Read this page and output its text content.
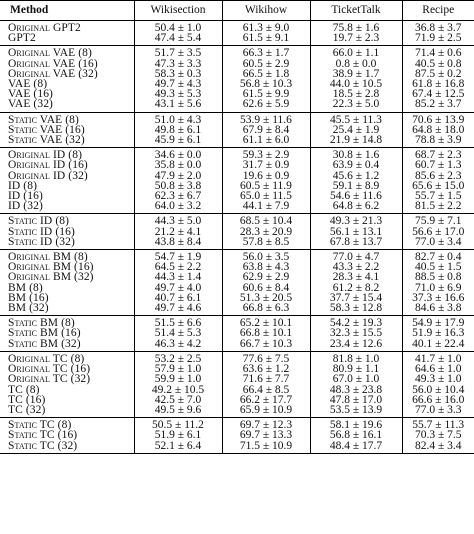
Method	Wikisection	Wikihow	TicketTalk	Recipe
Original GPT2	50.4 ± 1.0	61.3 ± 9.0	75.8 ± 1.6	36.8 ± 3.7
GPT2	47.4 ± 5.4	61.5 ± 9.1	19.7 ± 2.3	71.9 ± 2.5
Original VAE (8)	51.7 ± 3.5	66.3 ± 1.7	66.0 ± 1.1	71.4 ± 0.6
Original VAE (16)	47.3 ± 3.3	60.5 ± 2.9	0.8 ± 0.0	40.5 ± 0.8
Original VAE (32)	58.3 ± 0.3	66.5 ± 1.8	38.9 ± 1.7	87.5 ± 0.2
VAE (8)	49.7 ± 4.3	56.8 ± 10.3	44.0 ± 10.5	61.8 ± 16.8
VAE (16)	49.3 ± 5.3	61.5 ± 9.9	18.5 ± 2.8	67.4 ± 12.5
VAE (32)	43.1 ± 5.6	62.6 ± 5.9	22.3 ± 5.0	85.2 ± 3.7
Static VAE (8)	51.0 ± 4.3	53.9 ± 11.6	45.5 ± 11.3	70.6 ± 13.9
Static VAE (16)	49.8 ± 6.1	67.9 ± 8.4	25.4 ± 1.9	64.8 ± 18.0
Static VAE (32)	45.9 ± 6.1	61.1 ± 6.0	21.9 ± 14.8	78.8 ± 3.9
Original ID (8)	34.6 ± 0.0	59.3 ± 2.9	30.8 ± 1.6	68.7 ± 2.3
Original ID (16)	35.8 ± 0.0	31.7 ± 0.9	63.9 ± 0.4	60.7 ± 1.3
Original ID (32)	47.9 ± 2.0	19.6 ± 0.9	45.6 ± 1.2	85.6 ± 2.3
ID (8)	50.8 ± 3.8	60.5 ± 11.9	59.1 ± 8.9	65.6 ± 15.0
ID (16)	62.3 ± 6.7	65.0 ± 11.5	54.6 ± 11.6	55.7 ± 1.5
ID (32)	64.0 ± 3.2	44.1 ± 7.9	64.8 ± 6.2	81.5 ± 2.2
Static ID (8)	44.3 ± 5.0	68.5 ± 10.4	49.3 ± 21.3	75.9 ± 7.1
Static ID (16)	21.2 ± 4.1	28.3 ± 20.9	56.1 ± 13.1	56.6 ± 17.0
Static ID (32)	43.8 ± 8.4	57.8 ± 8.5	67.8 ± 13.7	77.0 ± 3.4
Original BM (8)	54.7 ± 1.9	56.0 ± 3.5	77.0 ± 4.7	82.7 ± 0.4
Original BM (16)	64.5 ± 2.2	63.8 ± 4.3	43.3 ± 2.2	40.5 ± 1.5
Original BM (32)	44.3 ± 1.4	62.9 ± 2.9	28.3 ± 4.1	88.5 ± 0.8
BM (8)	49.7 ± 4.0	60.6 ± 8.4	61.2 ± 8.2	71.0 ± 6.9
BM (16)	40.7 ± 6.1	51.3 ± 20.5	37.7 ± 15.4	37.3 ± 16.6
BM (32)	49.7 ± 4.6	66.8 ± 6.3	58.3 ± 12.8	84.6 ± 3.8
Static BM (8)	51.5 ± 6.6	65.2 ± 10.1	54.2 ± 19.3	54.9 ± 17.9
Static BM (16)	51.4 ± 5.3	66.8 ± 10.1	32.3 ± 15.5	51.9 ± 16.3
Static BM (32)	46.3 ± 4.2	66.7 ± 10.3	23.4 ± 12.6	40.1 ± 22.4
Original TC (8)	53.2 ± 2.5	77.6 ± 7.5	81.8 ± 1.0	41.7 ± 1.0
Original TC (16)	57.9 ± 1.0	63.6 ± 1.2	80.9 ± 1.1	64.6 ± 1.0
Original TC (32)	59.9 ± 1.0	71.6 ± 7.7	67.0 ± 1.0	49.3 ± 1.0
TC (8)	49.2 ± 10.5	66.4 ± 8.5	48.3 ± 23.8	56.0 ± 10.4
TC (16)	42.5 ± 7.0	66.2 ± 17.7	47.8 ± 17.0	66.6 ± 16.0
TC (32)	49.5 ± 9.6	65.9 ± 10.9	53.5 ± 13.9	77.0 ± 3.3
Static TC (8)	50.5 ± 11.2	69.7 ± 12.3	58.1 ± 19.6	55.7 ± 11.3
Static TC (16)	51.9 ± 6.1	69.7 ± 13.3	56.8 ± 16.1	70.3 ± 7.5
Static TC (32)	52.1 ± 6.4	71.5 ± 10.9	48.4 ± 17.7	82.4 ± 3.4
